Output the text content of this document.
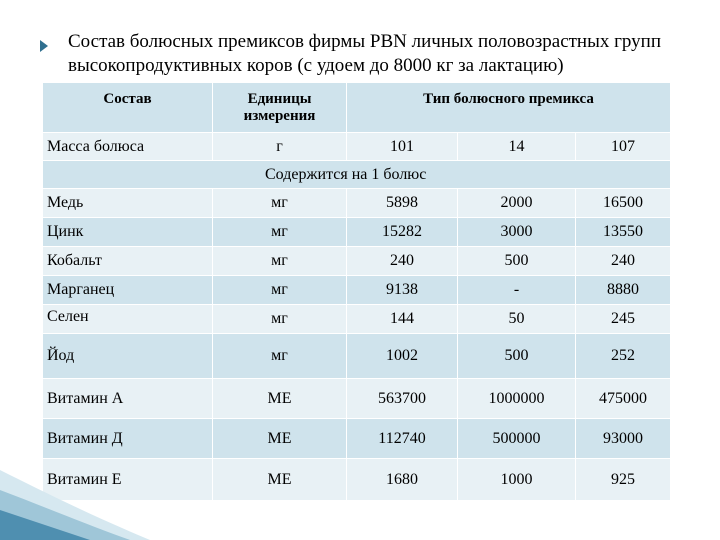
Состав болюсных премиксов фирмы PBN личных половозрастных групп высокопродуктивных коров (с удоем до 8000 кг за лактацию)

Состав	Единицы измерения	Тип болюсного премикса		
Масса болюса	г	101	14	107
Содержится на 1 болюс				
Медь	мг	5898	2000	16500
Цинк	мг	15282	3000	13550
Кобальт	мг	240	500	240
Марганец	мг	9138	-	8880
Селен	мг	144	50	245
Йод	мг	1002	500	252
Витамин А	МЕ	563700	1000000	475000
Витамин Д	МЕ	112740	500000	93000
Витамин Е	МЕ	1680	1000	925
